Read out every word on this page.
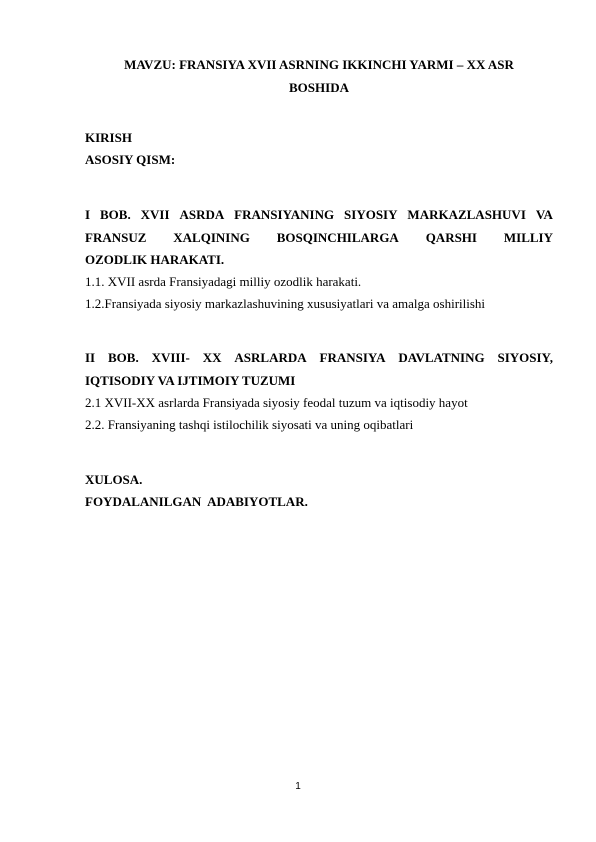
MAVZU: FRANSIYA XVII ASRNING IKKINCHI YARMI – XX ASR
BOSHIDA

KIRISH

ASOSIY QISM:

I BOB. XVII ASRDA FRANSIYANING SIYOSIY MARKAZLASHUVI VA

FRANSUZ XALQINING BOSQINCHILARGA QARSHI MILLIY

OZODLIK HARAKATI.

1.1. XVII asrda Fransiyadagi milliy ozodlik harakati.

1.2.Fransiyada siyosiy markazlashuvining xususiyatlari va amalga oshirilishi

II BOB. XVIII- XX ASRLARDA FRANSIYA DAVLATNING SIYOSIY,

IQTISODIY VA IJTIMOIY TUZUMI

2.1 XVII-XX asrlarda Fransiyada siyosiy feodal tuzum va iqtisodiy hayot

2.2. Fransiyaning tashqi istilochilik siyosati va uning oqibatlari

XULOSA.

FOYDALANILGAN  ADABIYOTLAR.

1
